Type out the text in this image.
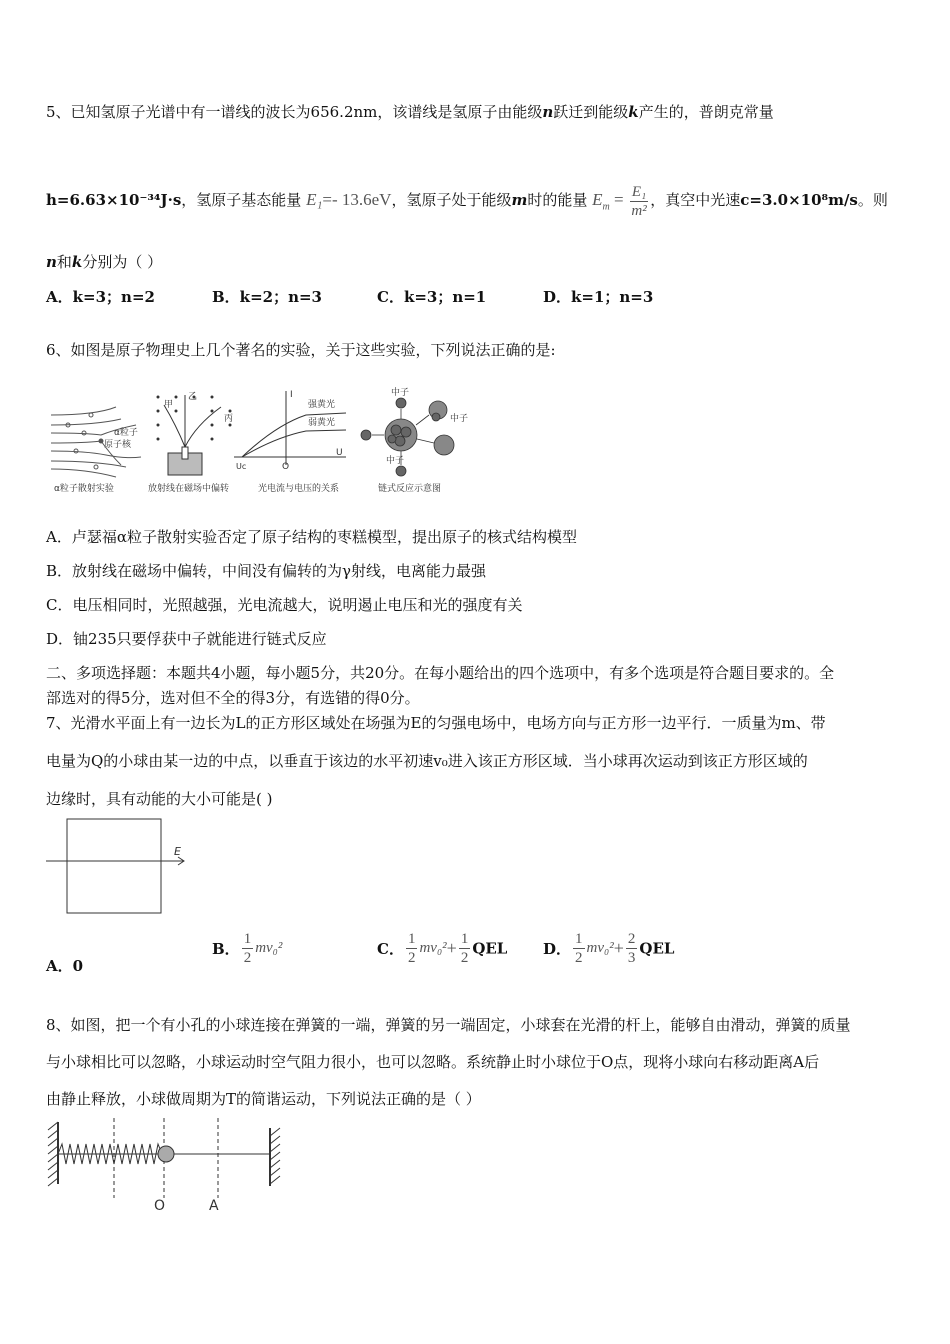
5、已知氢原子光谱中有一谱线的波长为656.2nm，该谱线是氢原子由能级n跃迁到能级k产生的，普朗克常量
h=6.63×10⁻³⁴J·s，氢原子基态能量 E₁=- 13.6eV，氢原子处于能级m时的能量 $E_m = \frac{\text{E₁}}{\text{m²}}$ ，真空中光速c=3.0×10⁸m/s。则
n和k分别为（ ）
A．k=3；n=2	B．k=2；n=3	C．k=3；n=1	D．k=1；n=3
6、如图是原子物理史上几个著名的实验，关于这些实验，下列说法正确的是:
α粒子
原子核
α粒子散射实验
甲
乙
丙
放射线在磁场中偏转
I
强黄光
弱黄光
U
Uc	O
光电流与电压的关系
中子
中子
中子
链式反应示意图
A．卢瑟福α粒子散射实验否定了原子结构的枣糕模型，提出原子的核式结构模型
B．放射线在磁场中偏转，中间没有偏转的为γ射线，电离能力最强
C．电压相同时，光照越强，光电流越大，说明遏止电压和光的强度有关
D．铀235只要俘获中子就能进行链式反应
二、多项选择题：本题共4小题，每小题5分，共20分。在每小题给出的四个选项中，有多个选项是符合题目要求的。全
部选对的得5分，选对但不全的得3分，有选错的得0分。
7、光滑水平面上有一边长为L的正方形区域处在场强为E的匀强电场中，电场方向与正方形一边平行．一质量为m、带
电量为Q的小球由某一边的中点，以垂直于该边的水平初速v₀进入该正方形区域．当小球再次运动到该正方形区域的
边缘时，具有动能的大小可能是( )
E
A．0
B． $\frac{1}{2} mv_0^2$	C． $\frac{1}{2} mv_0^2+ \frac{1}{2}$ QEL D． $\frac{1}{2} mv_0^2+ \frac{2}{3}$ QEL
8、如图，把一个有小孔的小球连接在弹簧的一端，弹簧的另一端固定，小球套在光滑的杆上，能够自由滑动，弹簧的质量
与小球相比可以忽略，小球运动时空气阻力很小，也可以忽略。系统静止时小球位于O点，现将小球向右移动距离A后
由静止释放，小球做周期为T的简谐运动，下列说法正确的是（ ）
O	A
